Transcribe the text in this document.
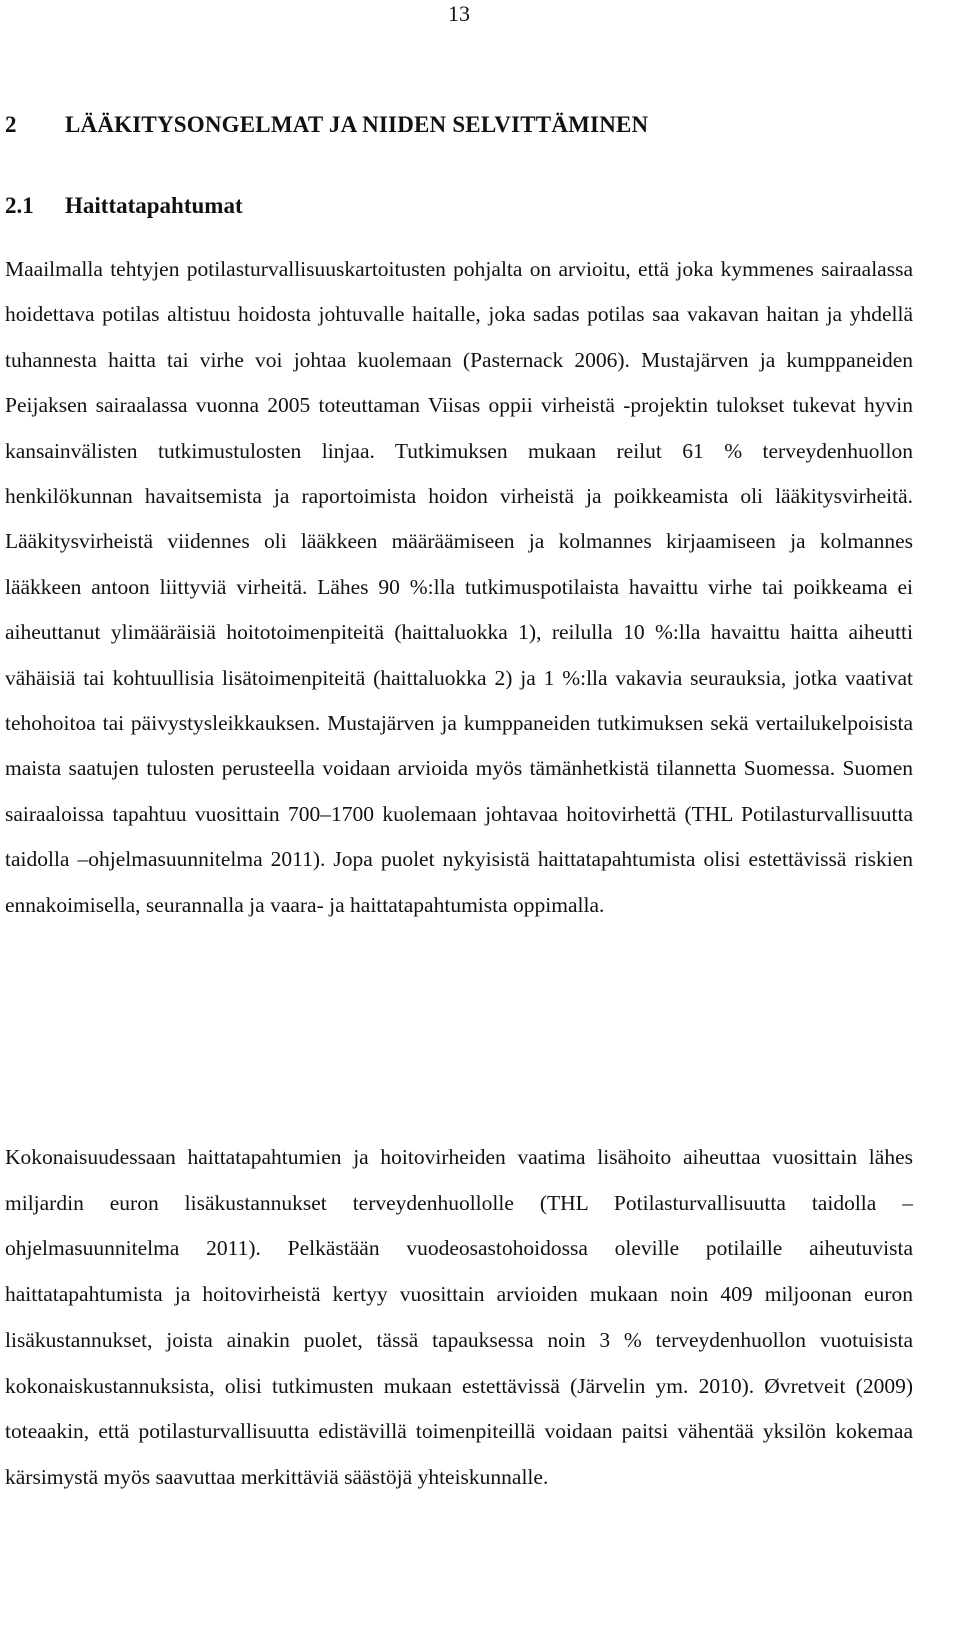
13
2 LÄÄKITYSONGELMAT JA NIIDEN SELVITTÄMINEN
2.1 Haittatapahtumat

Maailmalla tehtyjen potilasturvallisuuskartoitusten pohjalta on arvioitu, että joka kymmenes sairaalassa hoidettava potilas altistuu hoidosta johtuvalle haitalle, joka sadas potilas saa vakavan haitan ja yhdellä tuhannesta haitta tai virhe voi johtaa kuolemaan (Pasternack 2006). Mustajärven ja kumppaneiden Peijaksen sairaalassa vuonna 2005 toteuttaman Viisas oppii virheistä -projektin tulokset tukevat hyvin kansainvälisten tutkimustulosten linjaa. Tutkimuksen mukaan reilut 61 % terveydenhuollon henkilökunnan havaitsemista ja raportoimista hoidon virheistä ja poikkeamista oli lääkitysvirheitä. Lääkitysvirheistä viidennes oli lääkkeen määräämiseen ja kolmannes kirjaamiseen ja kolmannes lääkkeen antoon liittyviä virheitä. Lähes 90 %:lla tutkimuspotilaista havaittu virhe tai poikkeama ei aiheuttanut ylimääräisiä hoitotoimenpiteitä (haittaluokka 1), reilulla 10 %:lla havaittu haitta aiheutti vähäisiä tai kohtuullisia lisätoimenpiteitä (haittaluokka 2) ja 1 %:lla vakavia seurauksia, jotka vaativat tehohoitoa tai päivystysleikkauksen. Mustajärven ja kumppaneiden tutkimuksen sekä vertailukelpoisista maista saatujen tulosten perusteella voidaan arvioida myös tämänhetkistä tilannetta Suomessa. Suomen sairaaloissa tapahtuu vuosittain 700–1700 kuolemaan johtavaa hoitovirhettä (THL Potilasturvallisuutta taidolla –ohjelmasuunnitelma 2011). Jopa puolet nykyisistä haittatapahtumista olisi estettävissä riskien ennakoimisella, seurannalla ja vaara- ja haittatapahtumista oppimalla.

Kokonaisuudessaan haittatapahtumien ja hoitovirheiden vaatima lisähoito aiheuttaa vuosittain lähes miljardin euron lisäkustannukset terveydenhuollolle (THL Potilasturvallisuutta taidolla –ohjelmasuunnitelma 2011). Pelkästään vuodeosastohoidossa oleville potilaille aiheutuvista haittatapahtumista ja hoitovirheistä kertyy vuosittain arvioiden mukaan noin 409 miljoonan euron lisäkustannukset, joista ainakin puolet, tässä tapauksessa noin 3 % terveydenhuollon vuotuisista kokonaiskustannuksista, olisi tutkimusten mukaan estettävissä (Järvelin ym. 2010). Øvretveit (2009) toteaakin, että potilasturvallisuutta edistävillä toimenpiteillä voidaan paitsi vähentää yksilön kokemaa kärsimystä myös saavuttaa merkittäviä säästöjä yhteiskunnalle.
